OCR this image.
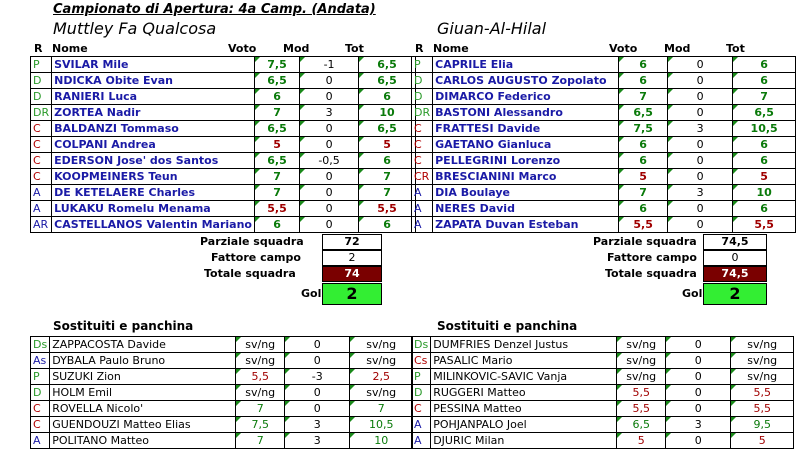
Campionato di Apertura: 4a Camp. (Andata)
Muttley Fa Qualcosa	Giuan-Al-Hilal
R Nome	Voto Mod	Tot
P	SVILAR Mile	7,5	-1	6,5
D	NDICKA Obite Evan	6,5	0	6,5
D	RANIERI Luca	6	0	6
DR	ZORTEA Nadir	7	3	10
C	BALDANZI Tommaso	6,5	0	6,5
C	COLPANI Andrea	5	0	5
C	EDERSON Jose' dos Santos	6,5	-0,5	6
C	KOOPMEINERS Teun	7	0	7
A	DE KETELAERE Charles	7	0	7
A	LUKAKU Romelu Menama	5,5	0	5,5
AR	CASTELLANOS Valentin Mariano	6	0	6
Parziale squadra	72
Fattore campo	2
Totale squadra	74
Gol	2
R Nome	Voto Mod	Tot
P	CAPRILE Elia	6	0	6
D	CARLOS AUGUSTO Zopolato	6	0	6
D	DIMARCO Federico	7	0	7
DR	BASTONI Alessandro	6,5	0	6,5
C	FRATTESI Davide	7,5	3	10,5
C	GAETANO Gianluca	6	0	6
C	PELLEGRINI Lorenzo	6	0	6
CR	BRESCIANINI Marco	5	0	5
A	DIA Boulaye	7	3	10
A	NERES David	6	0	6
A	ZAPATA Duvan Esteban	5,5	0	5,5
Parziale squadra	74,5
Fattore campo	0
Totale squadra	74,5
Gol	2
Sostituiti e panchina	Sostituiti e panchina
Ds	ZAPPACOSTA Davide	sv/ng	0	sv/ng
As	DYBALA Paulo Bruno	sv/ng	0	sv/ng
P	SUZUKI Zion	5,5	-3	2,5
D	HOLM Emil	sv/ng	0	sv/ng
C	ROVELLA Nicolo'	7	0	7
C	GUENDOUZI Matteo Elias	7,5	3	10,5
A	POLITANO Matteo	7	3	10
Ds	DUMFRIES Denzel Justus	sv/ng	0	sv/ng
Cs	PASALIC Mario	sv/ng	0	sv/ng
P	MILINKOVIC-SAVIC Vanja	sv/ng	0	sv/ng
D	RUGGERI Matteo	5,5	0	5,5
C	PESSINA Matteo	5,5	0	5,5
A	POHJANPALO Joel	6,5	3	9,5
A	DJURIC Milan	5	0	5
